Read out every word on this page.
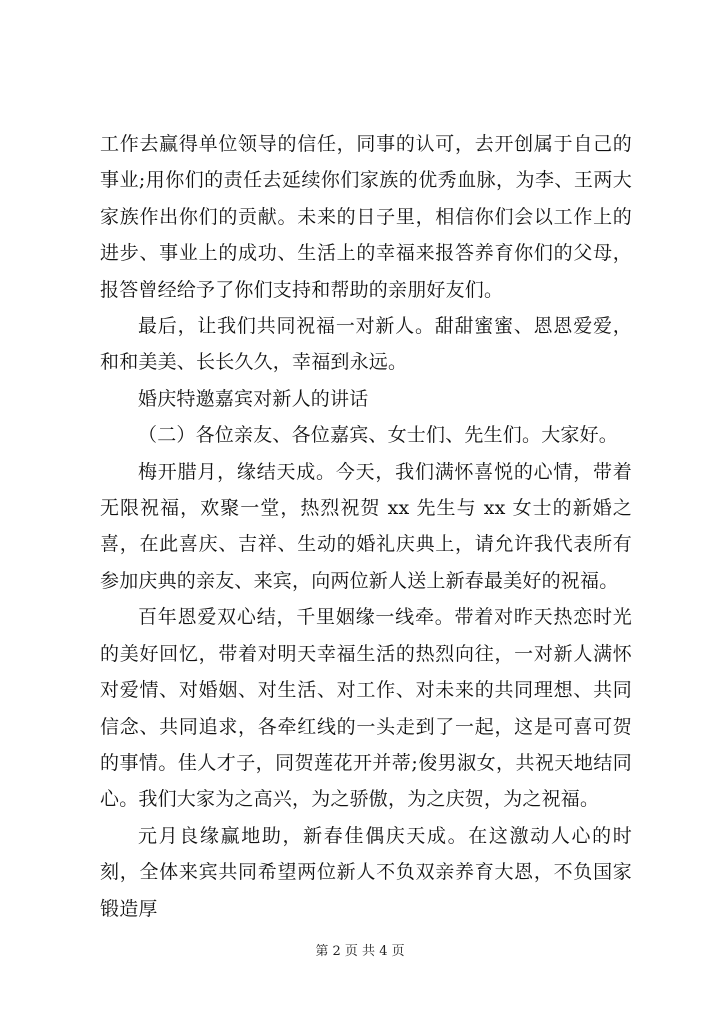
工作去赢得单位领导的信任，同事的认可，去开创属于自己的事业;用你们的责任去延续你们家族的优秀血脉，为李、王两大家族作出你们的贡献。未来的日子里，相信你们会以工作上的进步、事业上的成功、生活上的幸福来报答养育你们的父母，报答曾经给予了你们支持和帮助的亲朋好友们。

最后，让我们共同祝福一对新人。甜甜蜜蜜、恩恩爱爱，和和美美、长长久久，幸福到永远。

婚庆特邀嘉宾对新人的讲话

（二）各位亲友、各位嘉宾、女士们、先生们。大家好。

梅开腊月，缘结天成。今天，我们满怀喜悦的心情，带着无限祝福，欢聚一堂，热烈祝贺 xx 先生与 xx 女士的新婚之喜，在此喜庆、吉祥、生动的婚礼庆典上，请允许我代表所有参加庆典的亲友、来宾，向两位新人送上新春最美好的祝福。

百年恩爱双心结，千里姻缘一线牵。带着对昨天热恋时光的美好回忆，带着对明天幸福生活的热烈向往，一对新人满怀对爱情、对婚姻、对生活、对工作、对未来的共同理想、共同信念、共同追求，各牵红线的一头走到了一起，这是可喜可贺的事情。佳人才子，同贺莲花开并蒂;俊男淑女，共祝天地结同心。我们大家为之高兴，为之骄傲，为之庆贺，为之祝福。

元月良缘赢地助，新春佳偶庆天成。在这激动人心的时刻，全体来宾共同希望两位新人不负双亲养育大恩，不负国家锻造厚

第 2 页 共 4 页
